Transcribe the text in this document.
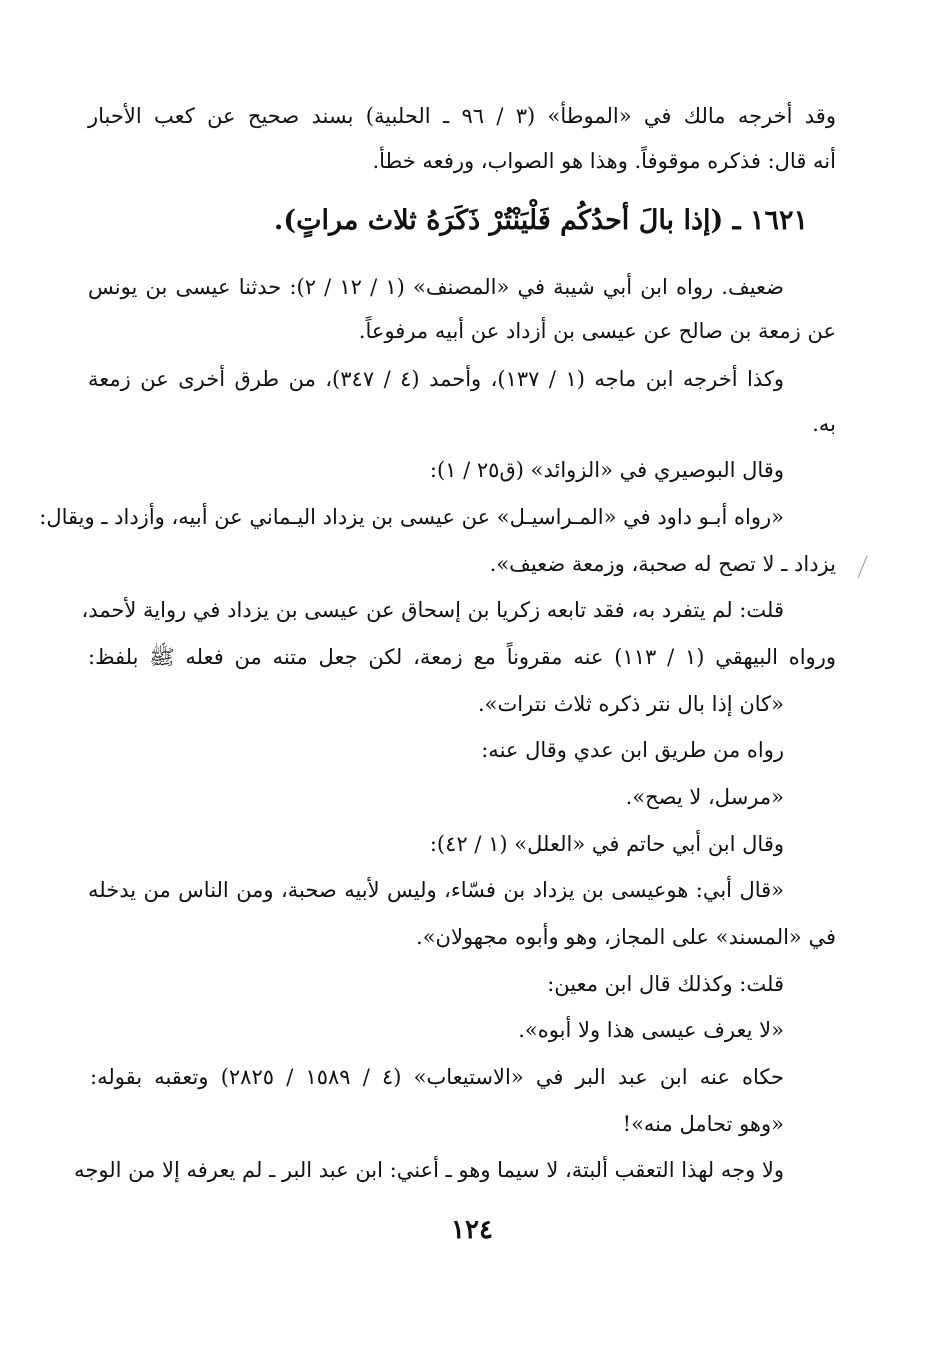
وقد أخرجه مالك في «الموطأ» (٣ / ٩٦ ـ الحلبية) بسند صحيح عن كعب الأحبار
أنه قال: فذكره موقوفاً. وهذا هو الصواب، ورفعه خطأ.
١٦٢١ ـ (إذا بالَ أحدُكُم فَلْيَنْتُرْ ذَكَرَهُ ثلاث مراتٍ).
ضعيف. رواه ابن أبي شيبة في «المصنف» (١ / ١٢ / ٢): حدثنا عيسى بن يونس
عن زمعة بن صالح عن عيسى بن أزداد عن أبيه مرفوعاً.
وكذا أخرجه ابن ماجه (١ / ١٣٧)، وأحمد (٤ / ٣٤٧)، من طرق أخرى عن زمعة
به.
وقال البوصيري في «الزوائد» (ق٢٥ / ١):
«رواه أبـو داود في «المـراسيـل» عن عيسى بن يزداد اليـماني عن أبيه، وأزداد ـ ويقال:
يزداد ـ لا تصح له صحبة، وزمعة ضعيف».
قلت: لم يتفرد به، فقد تابعه زكريا بن إسحاق عن عيسى بن يزداد في رواية لأحمد،
ورواه البيهقي (١ / ١١٣) عنه مقروناً مع زمعة، لكن جعل متنه من فعله ﷺ بلفظ:
«كان إذا بال نتر ذكره ثلاث نترات».
رواه من طريق ابن عدي وقال عنه:
«مرسل، لا يصح».
وقال ابن أبي حاتم في «العلل» (١ / ٤٢):
«قال أبي: هوعيسى بن يزداد بن فسّاء، وليس لأبيه صحبة، ومن الناس من يدخله
في «المسند» على المجاز، وهو وأبوه مجهولان».
قلت: وكذلك قال ابن معين:
«لا يعرف عيسى هذا ولا أبوه».
حكاه عنه ابن عبد البر في «الاستيعاب» (٤ / ١٥٨٩ / ٢٨٢٥) وتعقبه بقوله:
«وهو تحامل منه»!
ولا وجه لهذا التعقب ألبتة، لا سيما وهو ـ أعني: ابن عبد البر ـ لم يعرفه إلا من الوجه
١٢٤
